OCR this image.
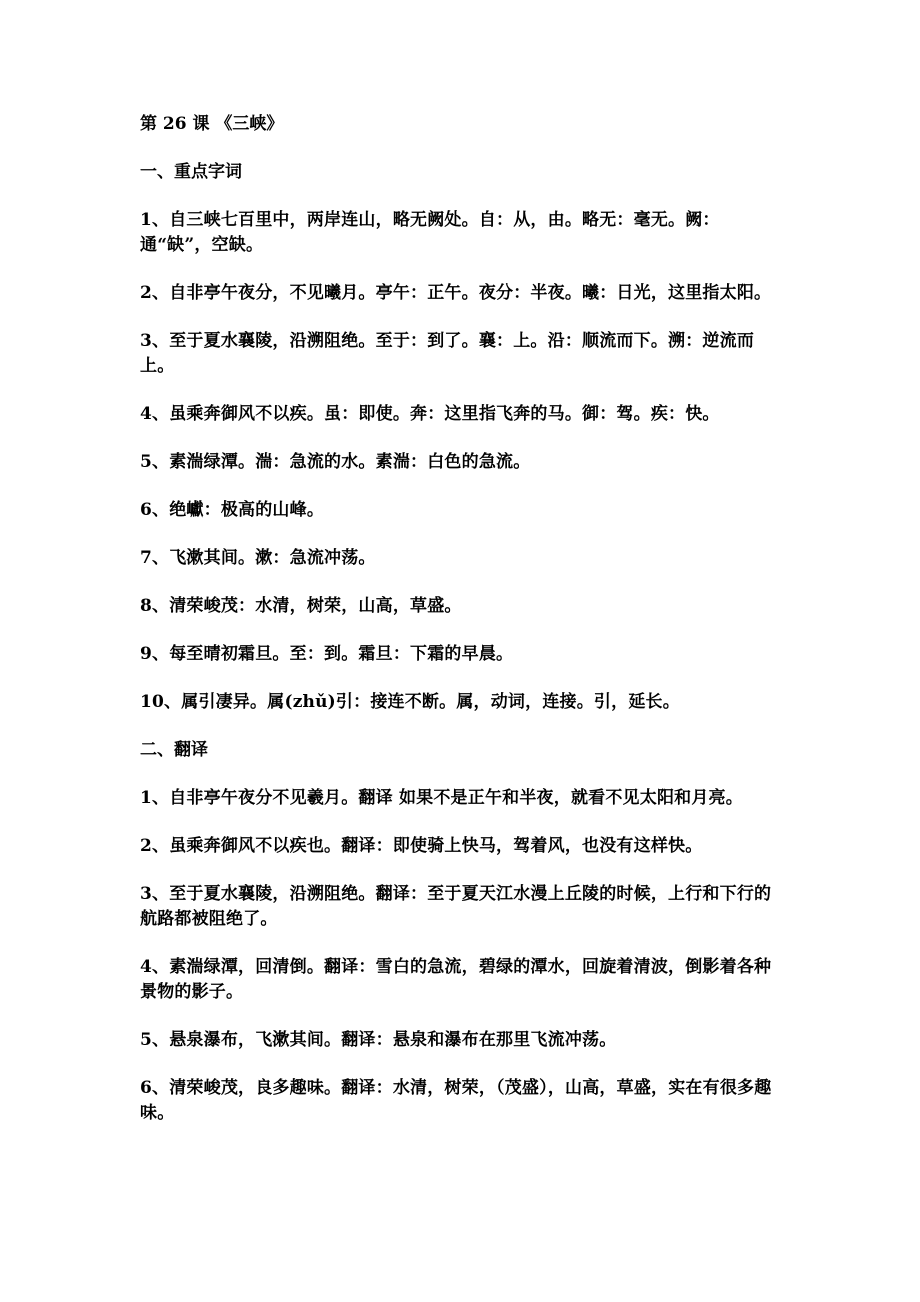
第 26 课 《三峡》
一、重点字词
1、自三峡七百里中，两岸连山，略无阙处。自：从，由。略无：毫无。阙：通“缺”，空缺。
2、自非亭午夜分，不见曦月。亭午：正午。夜分：半夜。曦：日光，这里指太阳。
3、至于夏水襄陵，沿溯阻绝。至于：到了。襄：上。沿：顺流而下。溯：逆流而上。
4、虽乘奔御风不以疾。虽：即使。奔：这里指飞奔的马。御：驾。疾：快。
5、素湍绿潭。湍：急流的水。素湍：白色的急流。
6、绝巘：极高的山峰。
7、飞漱其间。漱：急流冲荡。
8、清荣峻茂：水清，树荣，山高，草盛。
9、每至晴初霜旦。至：到。霜旦：下霜的早晨。
10、属引凄异。属(zhǔ)引：接连不断。属，动词，连接。引，延长。
二、翻译
1、自非亭午夜分不见羲月。翻译 如果不是正午和半夜，就看不见太阳和月亮。
2、虽乘奔御风不以疾也。翻译：即使骑上快马，驾着风，也没有这样快。
3、至于夏水襄陵，沿溯阻绝。翻译：至于夏天江水漫上丘陵的时候，上行和下行的航路都被阻绝了。
4、素湍绿潭，回清倒。翻译：雪白的急流，碧绿的潭水，回旋着清波，倒影着各种景物的影子。
5、悬泉瀑布，飞漱其间。翻译：悬泉和瀑布在那里飞流冲荡。
6、清荣峻茂，良多趣味。翻译：水清，树荣，（茂盛），山高，草盛，实在有很多趣味。
